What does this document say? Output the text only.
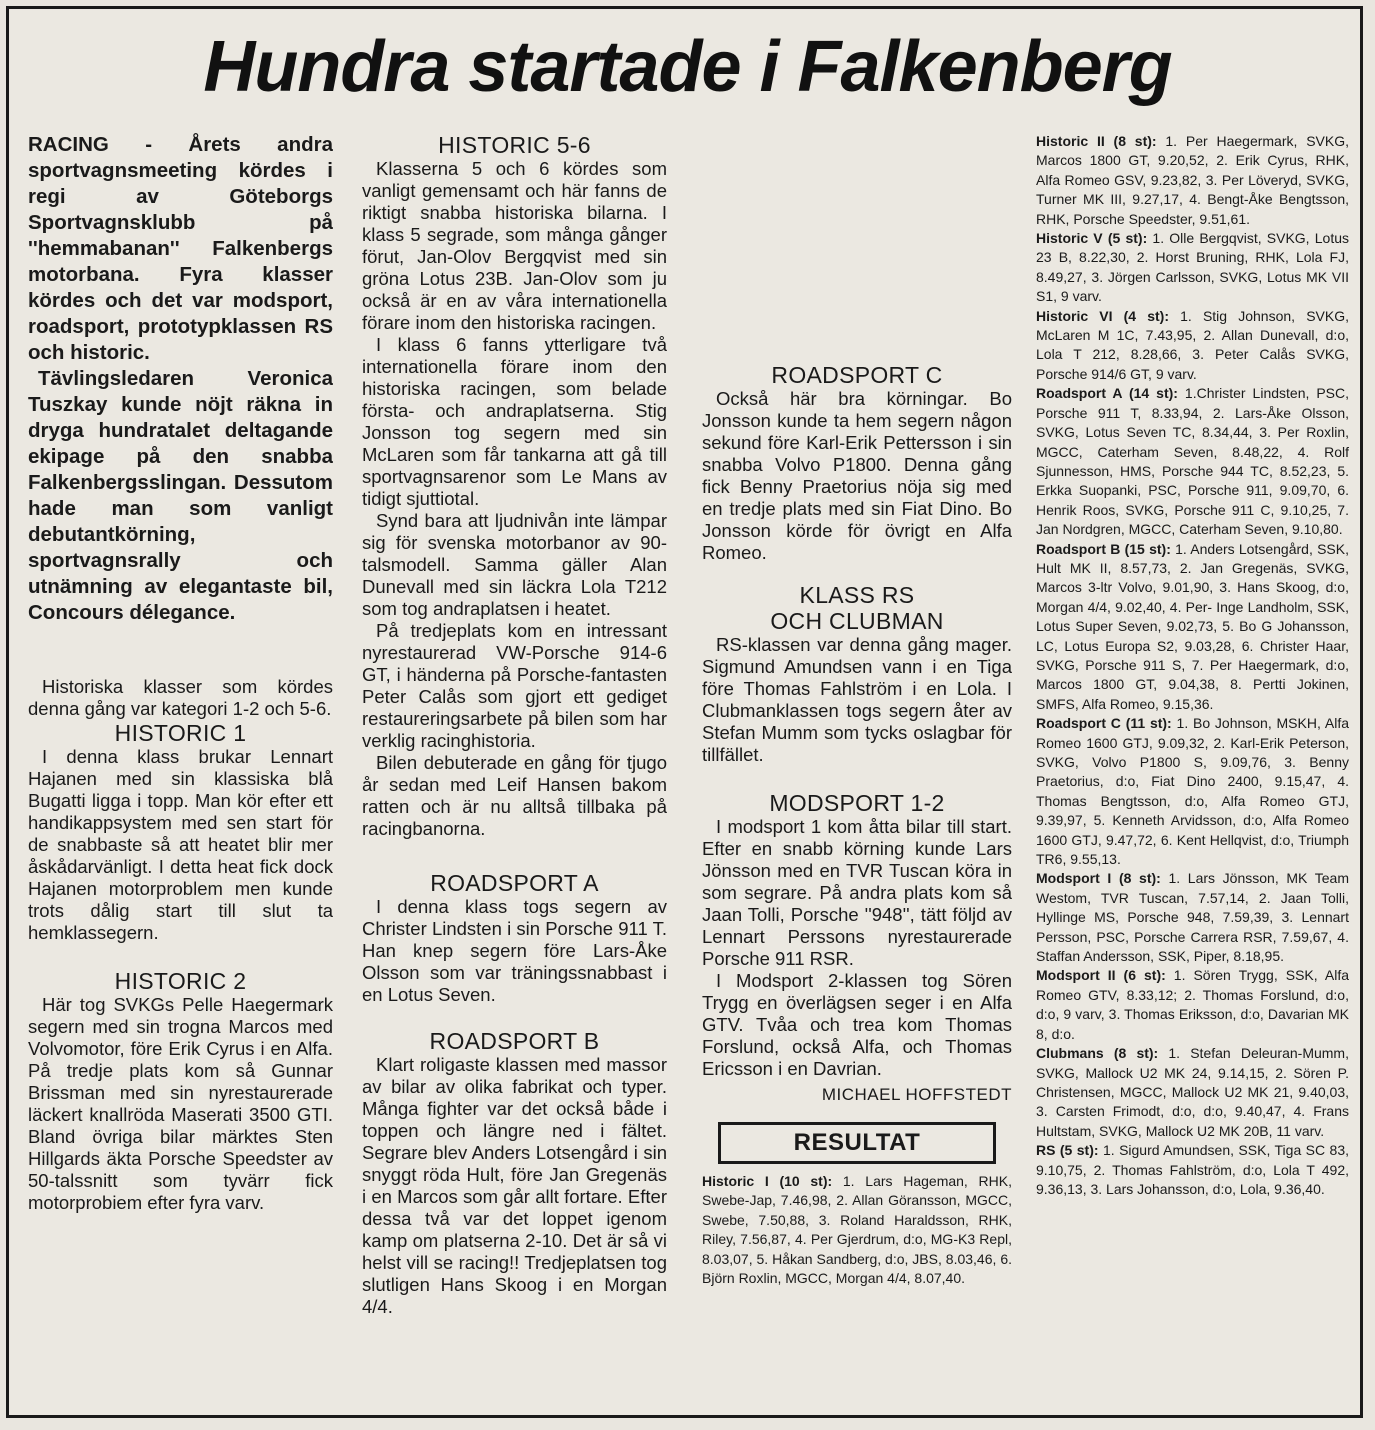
Hundra startade i Falkenberg

RACING - Årets andra sportvagnsmeeting kördes i regi av Göteborgs Sportvagnsklubb på ''hemmabanan'' Falkenbergs motorbana. Fyra klasser kördes och det var modsport, roadsport, prototypklassen RS och historic.

Tävlingsledaren Veronica Tuszkay kunde nöjt räkna in dryga hundratalet deltagande ekipage på den snabba Falkenbergsslingan. Dessutom hade man som vanligt debutantkörning, sportvagnsrally och utnämning av elegantaste bil, Concours délegance.

Historiska klasser som kördes denna gång var kategori 1-2 och 5-6.

HISTORIC 1

I denna klass brukar Lennart Hajanen med sin klassiska blå Bugatti ligga i topp. Man kör efter ett handikappsystem med sen start för de snabbaste så att heatet blir mer åskådarvänligt. I detta heat fick dock Hajanen motorproblem men kunde trots dålig start till slut ta hemklassegern.

HISTORIC 2

Här tog SVKGs Pelle Haegermark segern med sin trogna Marcos med Volvomotor, före Erik Cyrus i en Alfa. På tredje plats kom så Gunnar Brissman med sin nyrestaurerade läckert knallröda Maserati 3500 GTI. Bland övriga bilar märktes Sten Hillgards äkta Porsche Speedster av 50-talssnitt som tyvärr fick motorprobiem efter fyra varv.

HISTORIC 5-6

Klasserna 5 och 6 kördes som vanligt gemensamt och här fanns de riktigt snabba historiska bilarna. I klass 5 segrade, som många gånger förut, Jan-Olov Bergqvist med sin gröna Lotus 23B. Jan-Olov som ju också är en av våra internationella förare inom den historiska racingen.

I klass 6 fanns ytterligare två internationella förare inom den historiska racingen, som belade första- och andraplatserna. Stig Jonsson tog segern med sin McLaren som får tankarna att gå till sportvagnsarenor som Le Mans av tidigt sjuttiotal.

Synd bara att ljudnivån inte lämpar sig för svenska motorbanor av 90-talsmodell. Samma gäller Alan Dunevall med sin läckra Lola T212 som tog andraplatsen i heatet.

På tredjeplats kom en intressant nyrestaurerad VW-Porsche 914-6 GT, i händerna på Porsche-fantasten Peter Calås som gjort ett gediget restaureringsarbete på bilen som har verklig racinghistoria.

Bilen debuterade en gång för tjugo år sedan med Leif Hansen bakom ratten och är nu alltså tillbaka på racingbanorna.

ROADSPORT A

I denna klass togs segern av Christer Lindsten i sin Porsche 911 T. Han knep segern före Lars-Åke Olsson som var träningssnabbast i en Lotus Seven.

ROADSPORT B

Klart roligaste klassen med massor av bilar av olika fabrikat och typer. Många fighter var det också både i toppen och längre ned i fältet. Segrare blev Anders Lotsengård i sin snyggt röda Hult, före Jan Gregenäs i en Marcos som går allt fortare. Efter dessa två var det loppet igenom kamp om platserna 2-10. Det är så vi helst vill se racing!! Tredjeplatsen tog slutligen Hans Skoog i en Morgan 4/4.

ROADSPORT C

Också här bra körningar. Bo Jonsson kunde ta hem segern någon sekund före Karl-Erik Pettersson i sin snabba Volvo P1800. Denna gång fick Benny Praetorius nöja sig med en tredje plats med sin Fiat Dino. Bo Jonsson körde för övrigt en Alfa Romeo.

KLASS RS
OCH CLUBMAN

RS-klassen var denna gång mager. Sigmund Amundsen vann i en Tiga före Thomas Fahlström i en Lola. I Clubmanklassen togs segern åter av Stefan Mumm som tycks oslagbar för tillfället.

MODSPORT 1-2

I modsport 1 kom åtta bilar till start. Efter en snabb körning kunde Lars Jönsson med en TVR Tuscan köra in som segrare. På andra plats kom så Jaan Tolli, Porsche ''948'', tätt följd av Lennart Perssons nyrestaurerade Porsche 911 RSR.

I Modsport 2-klassen tog Sören Trygg en överlägsen seger i en Alfa GTV. Tvåa och trea kom Thomas Forslund, också Alfa, och Thomas Ericsson i en Davrian.

MICHAEL HOFFSTEDT
RESULTAT

Historic I (10 st): 1. Lars Hageman, RHK, Swebe-Jap, 7.46,98, 2. Allan Göransson, MGCC, Swebe, 7.50,88, 3. Roland Haraldsson, RHK, Riley, 7.56,87, 4. Per Gjerdrum, d:o, MG-K3 Repl, 8.03,07, 5. Håkan Sandberg, d:o, JBS, 8.03,46, 6. Björn Roxlin, MGCC, Morgan 4/4, 8.07,40.

Historic II (8 st): 1. Per Haegermark, SVKG, Marcos 1800 GT, 9.20,52, 2. Erik Cyrus, RHK, Alfa Romeo GSV, 9.23,82, 3. Per Löveryd, SVKG, Turner MK III, 9.27,17, 4. Bengt-Åke Bengtsson, RHK, Porsche Speedster, 9.51,61.

Historic V (5 st): 1. Olle Bergqvist, SVKG, Lotus 23 B, 8.22,30, 2. Horst Bruning, RHK, Lola FJ, 8.49,27, 3. Jörgen Carlsson, SVKG, Lotus MK VII S1, 9 varv.

Historic VI (4 st): 1. Stig Johnson, SVKG, McLaren M 1C, 7.43,95, 2. Allan Dunevall, d:o, Lola T 212, 8.28,66, 3. Peter Calås SVKG, Porsche 914/6 GT, 9 varv.

Roadsport A (14 st): 1.Christer Lindsten, PSC, Porsche 911 T, 8.33,94, 2. Lars-Åke Olsson, SVKG, Lotus Seven TC, 8.34,44, 3. Per Roxlin, MGCC, Caterham Seven, 8.48,22, 4. Rolf Sjunnesson, HMS, Porsche 944 TC, 8.52,23, 5. Erkka Suopanki, PSC, Porsche 911, 9.09,70, 6. Henrik Roos, SVKG, Porsche 911 C, 9.10,25, 7. Jan Nordgren, MGCC, Caterham Seven, 9.10,80.

Roadsport B (15 st): 1. Anders Lotsengård, SSK, Hult MK II, 8.57,73, 2. Jan Gregenäs, SVKG, Marcos 3-ltr Volvo, 9.01,90, 3. Hans Skoog, d:o, Morgan 4/4, 9.02,40, 4. Per- Inge Landholm, SSK, Lotus Super Seven, 9.02,73, 5. Bo G Johansson, LC, Lotus Europa S2, 9.03,28, 6. Christer Haar, SVKG, Porsche 911 S, 7. Per Haegermark, d:o, Marcos 1800 GT, 9.04,38, 8. Pertti Jokinen, SMFS, Alfa Romeo, 9.15,36.

Roadsport C (11 st): 1. Bo Johnson, MSKH, Alfa Romeo 1600 GTJ, 9.09,32, 2. Karl-Erik Peterson, SVKG, Volvo P1800 S, 9.09,76, 3. Benny Praetorius, d:o, Fiat Dino 2400, 9.15,47, 4. Thomas Bengtsson, d:o, Alfa Romeo GTJ, 9.39,97, 5. Kenneth Arvidsson, d:o, Alfa Romeo 1600 GTJ, 9.47,72, 6. Kent Hellqvist, d:o, Triumph TR6, 9.55,13.

Modsport I (8 st): 1. Lars Jönsson, MK Team Westom, TVR Tuscan, 7.57,14, 2. Jaan Tolli, Hyllinge MS, Porsche 948, 7.59,39, 3. Lennart Persson, PSC, Porsche Carrera RSR, 7.59,67, 4. Staffan Andersson, SSK, Piper, 8.18,95.

Modsport II (6 st): 1. Sören Trygg, SSK, Alfa Romeo GTV, 8.33,12; 2. Thomas Forslund, d:o, d:o, 9 varv, 3. Thomas Eriksson, d:o, Davarian MK 8, d:o.

Clubmans (8 st): 1. Stefan Deleuran-Mumm, SVKG, Mallock U2 MK 24, 9.14,15, 2. Sören P. Christensen, MGCC, Mallock U2 MK 21, 9.40,03, 3. Carsten Frimodt, d:o, d:o, 9.40,47, 4. Frans Hultstam, SVKG, Mallock U2 MK 20B, 11 varv.

RS (5 st): 1. Sigurd Amundsen, SSK, Tiga SC 83, 9.10,75, 2. Thomas Fahlström, d:o, Lola T 492, 9.36,13, 3. Lars Johansson, d:o, Lola, 9.36,40.
